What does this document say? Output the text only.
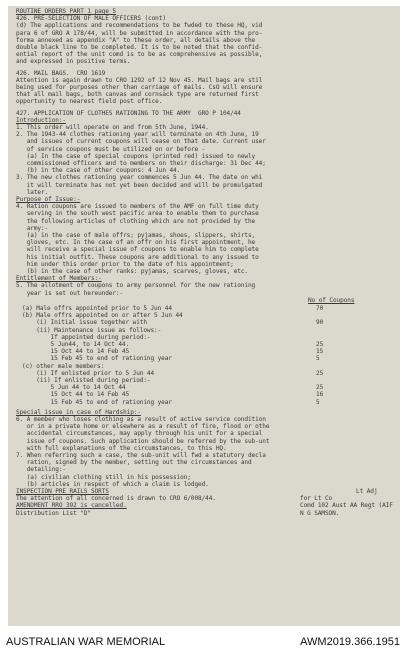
ROUTINE ORDERS PART 1 page 5
426. PRE-SELECTION OF MALE OFFICERS (cont)
(d) The applications and recommendations to be fwded to these HQ, vid
para 6 of GRO A 178/44, will be submitted in accordance with the pro-
forma annexed as appendix "A" to these order, all details above the
double black line to be completed. It is to be noted that the confid-
ential report of the unit comd is to be as comprehensive as possible,
and expressed in positive terms.
426. MAIL BAGS.  CRO 1619
Attention is again drawn to CRO 1292 of 12 Nov 45. Mail bags are stil
being used for purposes other than carriage of mails. CsO will ensure
that all mail bags, both canvas and cornsack type are returned first
opportunity to nearest field post office.
427. APPLICATION OF CLOTHES RATIONING TO THE ARMY  GRO P 104/44
Introduction:-
1. This order will operate on and from 5th June, 1944.
2. The 1943-44 clothes rationing year will terminate on 4th June, 19
and issues of current coupons will cease on that date. Current user
of service coupons must be utilized on or before -
(a) In the case of special coupons (printed red) issued to newly
commissioned officers and to members on their discharge: 31 Dec 44;
(b) in the case of other coupons: 4 Jun 44.
3. The new clothes rationing year commences 5 Jun 44. The date on whi
it will terminate has not yet been decided and will be promulgated
later.
Purpose of Issue:-
4. Ration coupons are issued to members of the AMF on full time duty
serving in the south west pacific area to enable them to purchase
the following articles of clothing which are not provided by the
army:-
(a) in the case of male offrs; pyjamas, shoes, slippers, shirts,
gloves, etc. In the case of an offr on his first appointment, he
will receive a special issue of coupons to enable him to complete
his initial outfit. These coupons are additional to any issued to
him under this order prior to the date of his appointment;
(b) in the case of other ranks: pyjamas, scarves, gloves, etc.
Entitlement of Members:-
5. The allotment of coupons to army personnel for the new rationing
year is set out hereunder:-
No of Coupons
(a) Male offrs appointed prior to 5 Jun 44	70
(b) Male offrs appointed on or after 5 Jun 44
(i) Initial issue together with	90
(ii) Maintenance issue as follows:-
If appointed during period:-
5 Jun44, to 14 Oct 44.	25
15 Oct 44 to 14 Feb 45	15
15 Feb 45 to end of rationing year	5
(c) other male members:
(i) If enlisted prior to 5 Jun 44	25
(ii) If enlisted during period:-
5 Jun 44 to 14 Oct 44	25
15 Oct 44 to 14 Feb 45	16
15 Feb 45 to end of rationing year	5
Special issue in case of Hardship:-
6. A member who loses clothing as a result of active service condition
or in a private home or elsewhere as a result of fire, flood or othe
accidental circumstances, may apply through his unit for a special
issue of coupons. Such application should be referred by the sub-unt
with full explanations of the circumstances, to this HQ.
7. When referring such a case, the sub-unit will fwd a statutory decla
ration, signed by the member, setting out the circumstances and
detailing:-
(a) civilian clothing still in his possession;
(b) articles in respect of which a claim is lodged.
INSPECTION PRE RAILS SORTS
The attention of all concerned is drawn to CRO 6/008/44.
AMENDMENT RRO 392 is cancelled.
Distribution List "D"
Lt Adj
for Lt Co
Comd 102 Aust AA Regt (AIF
N G SAMSON.
AUSTRALIAN WAR MEMORIAL	AWM2019.366.1951
